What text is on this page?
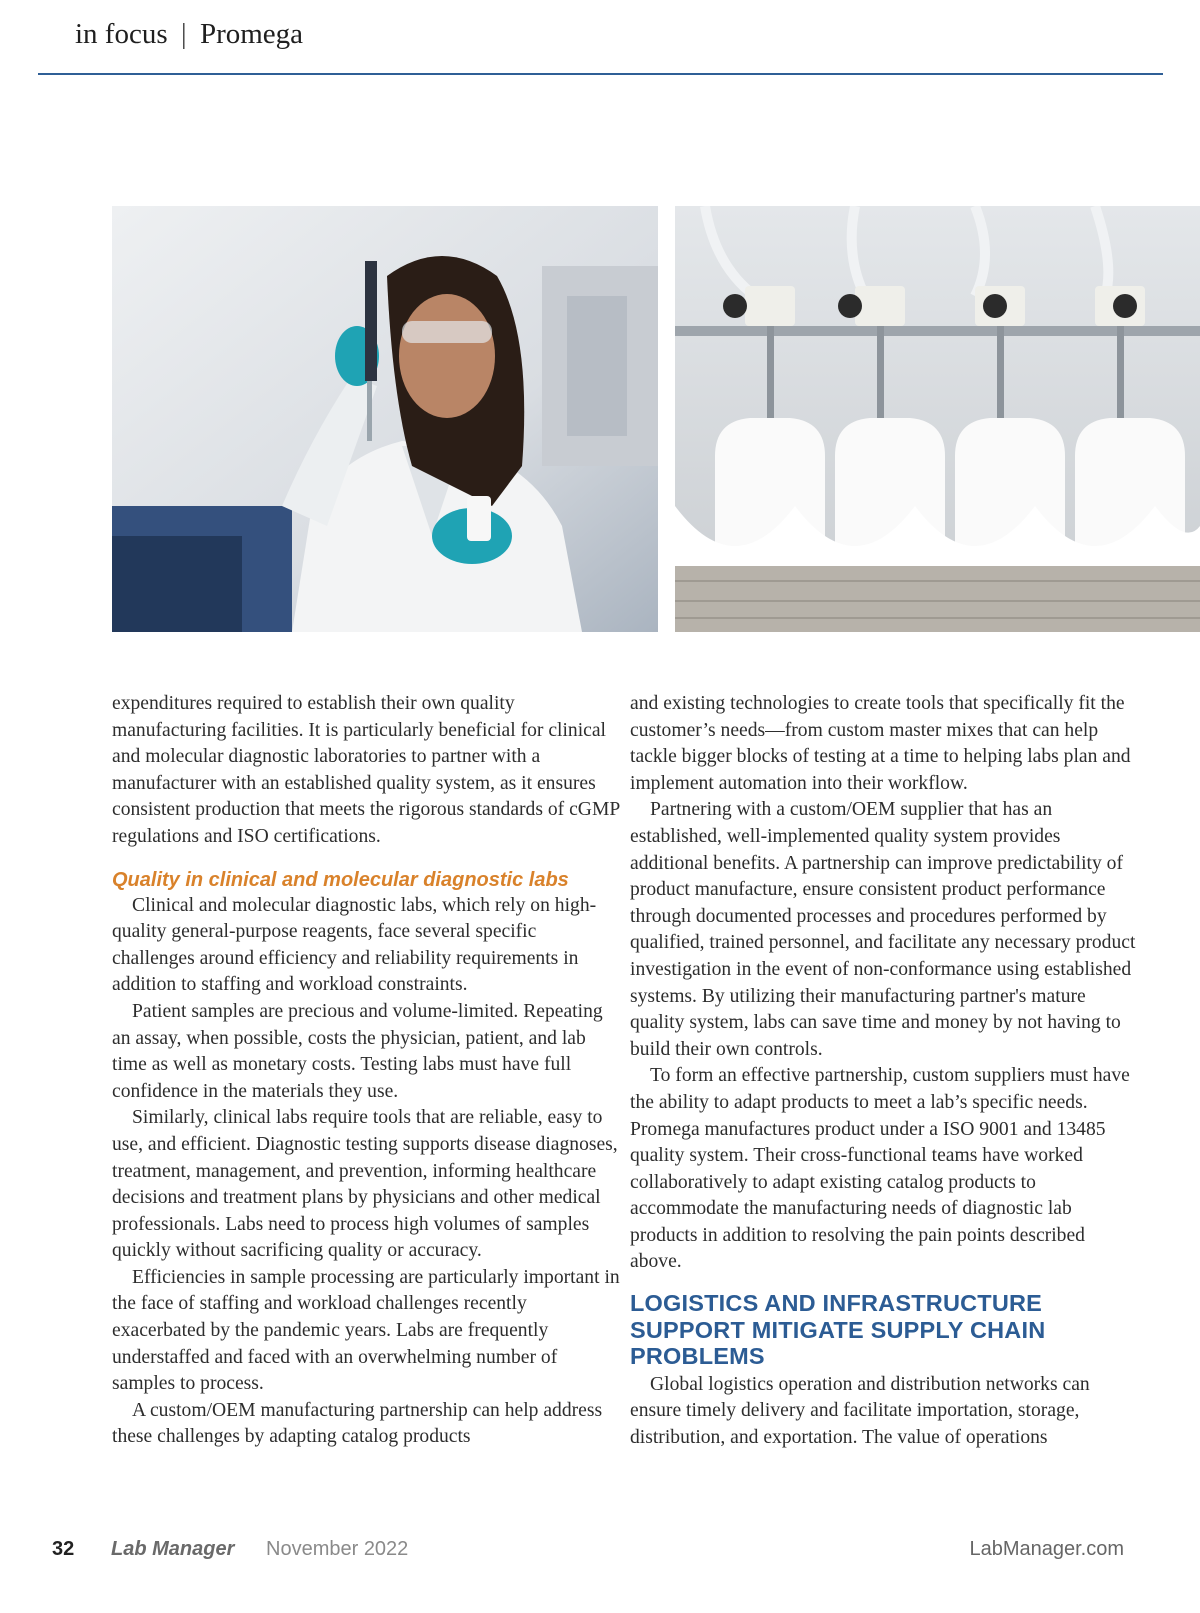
in focus | Promega

expenditures required to establish their own quality manufacturing facilities. It is particularly beneficial for clinical and molecular diagnostic laboratories to partner with a manufacturer with an established quality system, as it ensures consistent production that meets the rigorous standards of cGMP regulations and ISO certifications.

Quality in clinical and molecular diagnostic labs

Clinical and molecular diagnostic labs, which rely on high-quality general-purpose reagents, face several specific challenges around efficiency and reliability requirements in addition to staffing and workload constraints.

Patient samples are precious and volume-limited. Repeating an assay, when possible, costs the physician, patient, and lab time as well as monetary costs. Testing labs must have full confidence in the materials they use.

Similarly, clinical labs require tools that are reliable, easy to use, and efficient. Diagnostic testing supports disease diagnoses, treatment, management, and prevention, informing healthcare decisions and treatment plans by physicians and other medical professionals. Labs need to process high volumes of samples quickly without sacrificing quality or accuracy.

Efficiencies in sample processing are particularly important in the face of staffing and workload challenges recently exacerbated by the pandemic years. Labs are frequently understaffed and faced with an overwhelming number of samples to process.

A custom/OEM manufacturing partnership can help address these challenges by adapting catalog products

and existing technologies to create tools that specifically fit the customer’s needs—from custom master mixes that can help tackle bigger blocks of testing at a time to helping labs plan and implement automation into their workflow.

Partnering with a custom/OEM supplier that has an established, well-implemented quality system provides additional benefits. A partnership can improve predictability of product manufacture, ensure consistent product performance through documented processes and procedures performed by qualified, trained personnel, and facilitate any necessary product investigation in the event of non-conformance using established systems. By utilizing their manufacturing partner's mature quality system, labs can save time and money by not having to build their own controls.

To form an effective partnership, custom suppliers must have the ability to adapt products to meet a lab’s specific needs. Promega manufactures product under a ISO 9001 and 13485 quality system. Their cross-functional teams have worked collaboratively to adapt existing catalog products to accommodate the manufacturing needs of diagnostic lab products in addition to resolving the pain points described above.

LOGISTICS AND INFRASTRUCTURE SUPPORT MITIGATE SUPPLY CHAIN PROBLEMS

Global logistics operation and distribution networks can ensure timely delivery and facilitate importation, storage, distribution, and exportation. The value of operations

32 Lab Manager November 2022	LabManager.com
